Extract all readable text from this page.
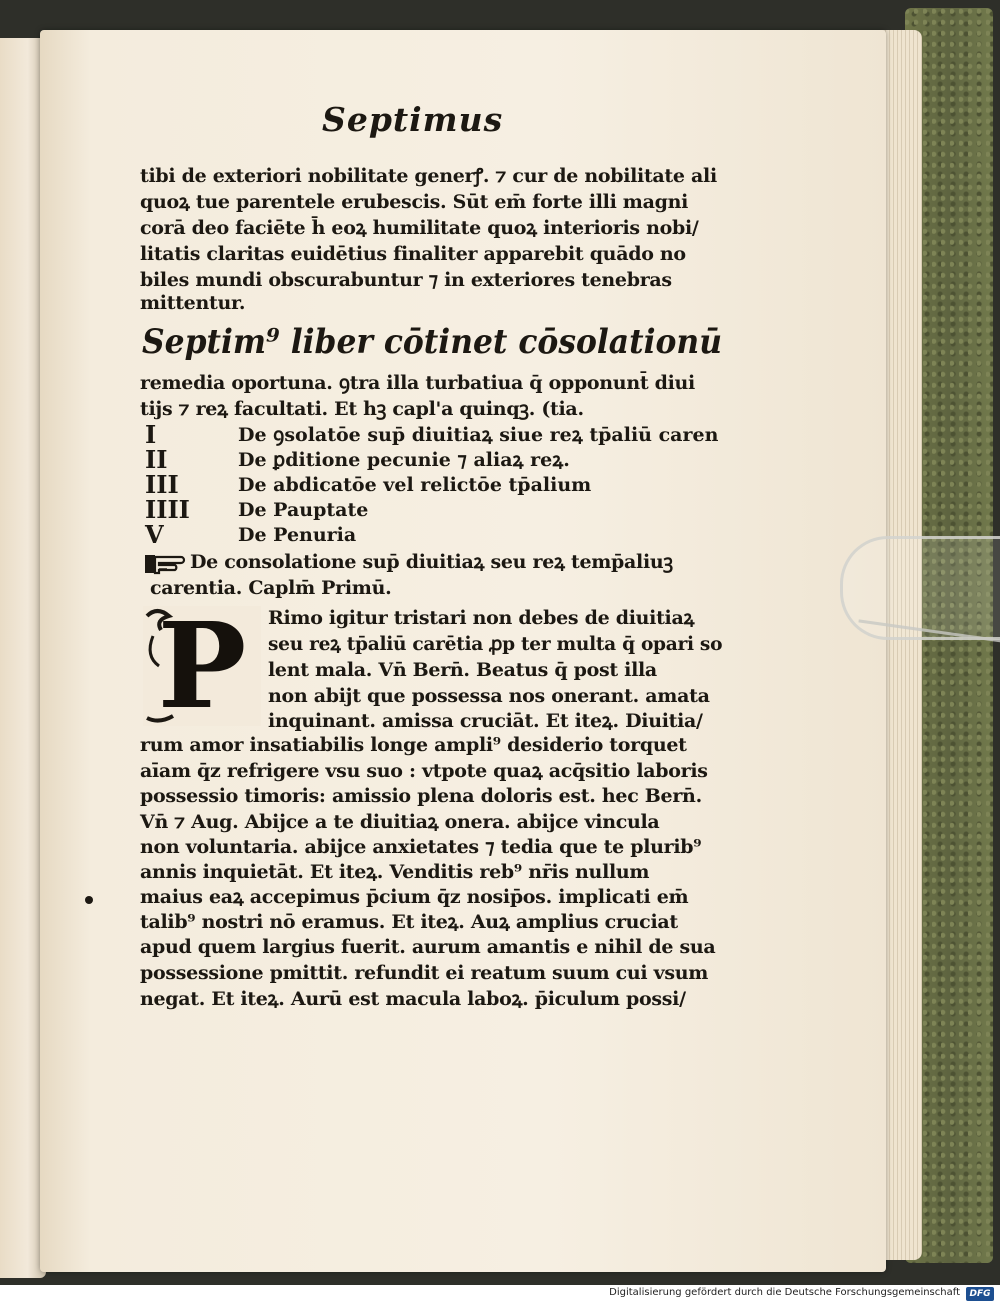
Septimus
tibi de exteriori nobilitate generꝭ. ⁊ cur de nobilitate ali
quoꝝ tue parentele erubescis. Sūt em̄ forte illi magni
corā deo faciēte h̄ eoꝝ humilitate quoꝝ interioris nobi/
litatis claritas euidētius finaliter apparebit quādo no
biles mundi obscurabuntur ⁊ in exteriores tenebras
mittentur.
Septim⁹ liber cōtinet cōsolationū
remedia oportuna. ꝯtra illa turbatiua q̄ opponunt̄ diui
tijs ⁊ reꝝ facultati. Et hꝫ capl'a quinqꝫ. (tia.
I	De ꝯsolatōe sup̄ diuitiaꝝ siue reꝝ tp̄aliū caren
II	De ꝑditione pecunie ⁊ aliaꝝ reꝝ.
III	De abdicatōe vel relictōe tp̄alium
IIII	De Pauptate
V	De Penuria
De consolatione sup̄ diuitiaꝝ seu reꝝ temp̄aliuꝫ
carentia. Caplm̄ Primū.
P	Rimo igitur tristari non debes de diuitiaꝝ
seu reꝝ tp̄aliū carētia ꝓp ter multa q̄ opari so
lent mala. Vn̄ Bern̄. Beatus q̄ post illa
non abijt que possessa nos onerant. amata
inquinant. amissa cruciāt. Et iteꝝ. Diuitia/
rum amor insatiabilis longe ampli⁹ desiderio torquet
aīam q̄z refrigere vsu suo : vtpote quaꝝ acq̄sitio laboris
possessio timoris: amissio plena doloris est. hec Bern̄.
Vn̄ ⁊ Aug. Abijce a te diuitiaꝝ onera. abijce vincula
non voluntaria. abijce anxietates ⁊ tedia que te plurib⁹
annis inquietāt. Et iteꝝ. Venditis reb⁹ nr̄is nullum
maius eaꝝ accepimus p̄cium q̄z nosip̄os. implicati em̄
talib⁹ nostri nō eramus. Et iteꝝ. Auꝝ amplius cruciat
apud quem largius fuerit. aurum amantis e nihil de sua
possessione pmittit. refundit ei reatum suum cui vsum
negat. Et iteꝝ. Aurū est macula laboꝝ. p̄iculum possi/
Digitalisierung gefördert durch die Deutsche Forschungsgemeinschaft	DFG
